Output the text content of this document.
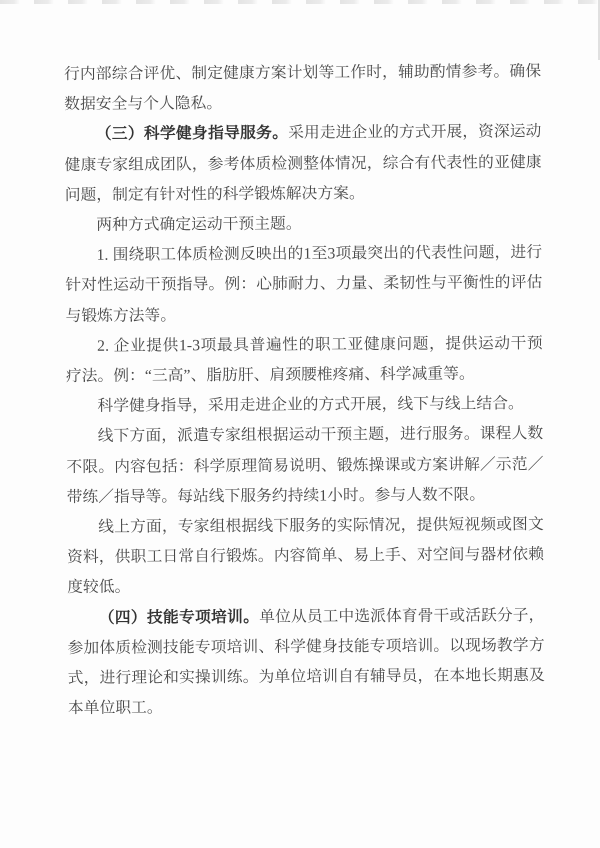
行内部综合评优、制定健康方案计划等工作时，辅助酌情参考。确保数据安全与个人隐私。

（三）科学健身指导服务。采用走进企业的方式开展，资深运动健康专家组成团队，参考体质检测整体情况，综合有代表性的亚健康问题，制定有针对性的科学锻炼解决方案。

两种方式确定运动干预主题。

1. 围绕职工体质检测反映出的1至3项最突出的代表性问题，进行针对性运动干预指导。例：心肺耐力、力量、柔韧性与平衡性的评估与锻炼方法等。

2. 企业提供1-3项最具普遍性的职工亚健康问题，提供运动干预疗法。例：“三高”、脂肪肝、肩颈腰椎疼痛、科学减重等。

科学健身指导，采用走进企业的方式开展，线下与线上结合。

线下方面，派遣专家组根据运动干预主题，进行服务。课程人数不限。内容包括：科学原理简易说明、锻炼操课或方案讲解／示范／带练／指导等。每站线下服务约持续1小时。参与人数不限。

线上方面，专家组根据线下服务的实际情况，提供短视频或图文资料，供职工日常自行锻炼。内容简单、易上手、对空间与器材依赖度较低。

（四）技能专项培训。单位从员工中选派体育骨干或活跃分子，参加体质检测技能专项培训、科学健身技能专项培训。以现场教学方式，进行理论和实操训练。为单位培训自有辅导员，在本地长期惠及本单位职工。
